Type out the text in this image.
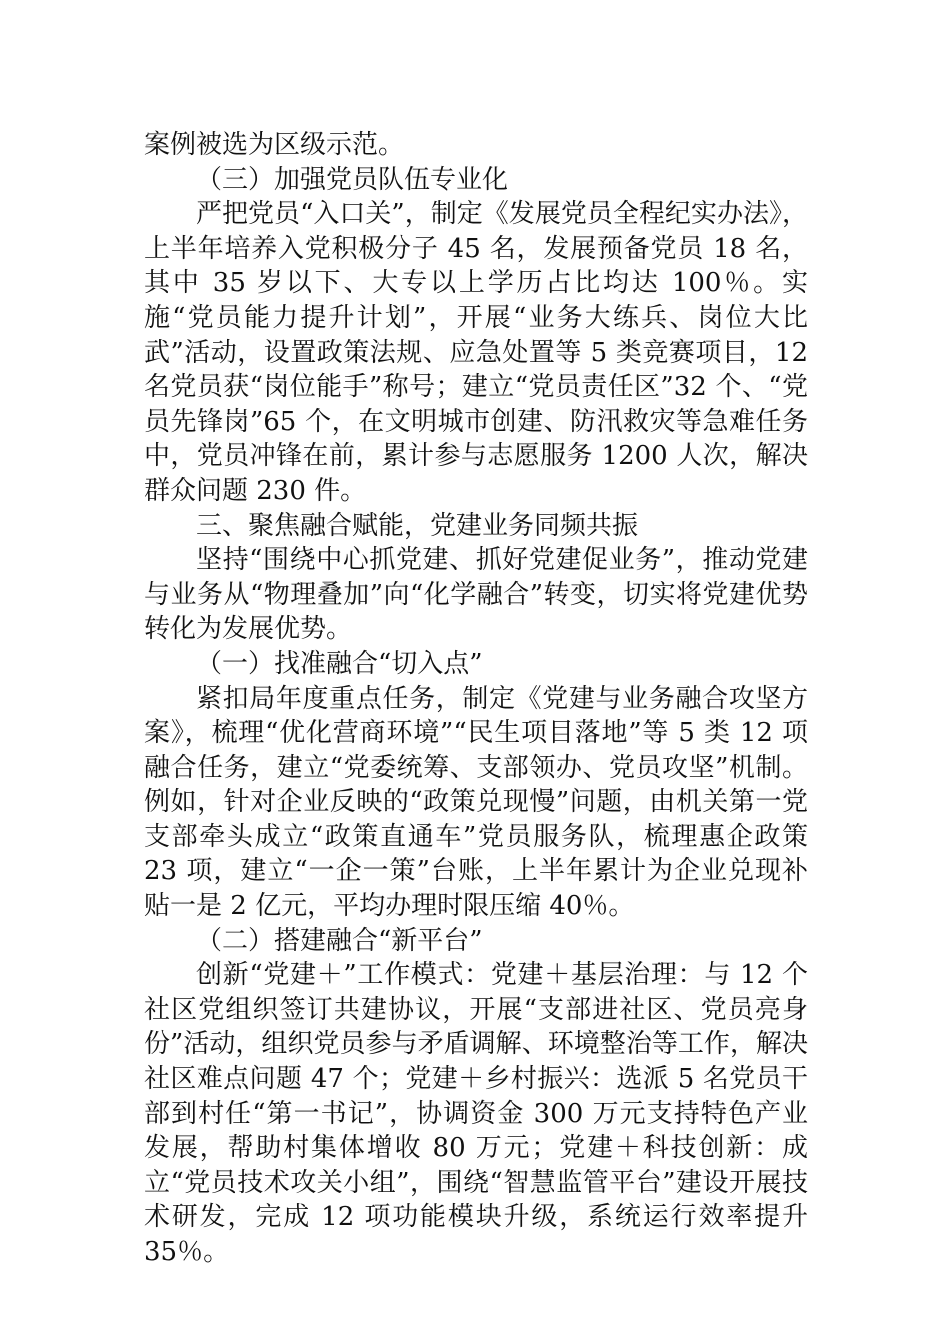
案例被选为区级示范。

（三）加强党员队伍专业化

严把党员“入口关”，制定《发展党员全程纪实办法》，上半年培养入党积极分子 45 名，发展预备党员 18 名，其中 35 岁以下、大专以上学历占比均达 100％。实施“党员能力提升计划”，开展“业务大练兵、岗位大比武”活动，设置政策法规、应急处置等 5 类竞赛项目，12 名党员获“岗位能手”称号；建立“党员责任区”32 个、“党员先锋岗”65 个，在文明城市创建、防汛救灾等急难任务中，党员冲锋在前，累计参与志愿服务 1200 人次，解决群众问题 230 件。

三、聚焦融合赋能，党建业务同频共振

坚持“围绕中心抓党建、抓好党建促业务”，推动党建与业务从“物理叠加”向“化学融合”转变，切实将党建优势转化为发展优势。

（一）找准融合“切入点”

紧扣局年度重点任务，制定《党建与业务融合攻坚方案》，梳理“优化营商环境”“民生项目落地”等 5 类 12 项融合任务，建立“党委统筹、支部领办、党员攻坚”机制。例如，针对企业反映的“政策兑现慢”问题，由机关第一党支部牵头成立“政策直通车”党员服务队，梳理惠企政策 23 项，建立“一企一策”台账，上半年累计为企业兑现补贴一是 2 亿元，平均办理时限压缩 40％。

（二）搭建融合“新平台”

创新“党建＋”工作模式：党建＋基层治理：与 12 个社区党组织签订共建协议，开展“支部进社区、党员亮身份”活动，组织党员参与矛盾调解、环境整治等工作，解决社区难点问题 47 个；党建＋乡村振兴：选派 5 名党员干部到村任“第一书记”，协调资金 300 万元支持特色产业发展，帮助村集体增收 80 万元；党建＋科技创新：成立“党员技术攻关小组”，围绕“智慧监管平台”建设开展技术研发，完成 12 项功能模块升级，系统运行效率提升 35％。
